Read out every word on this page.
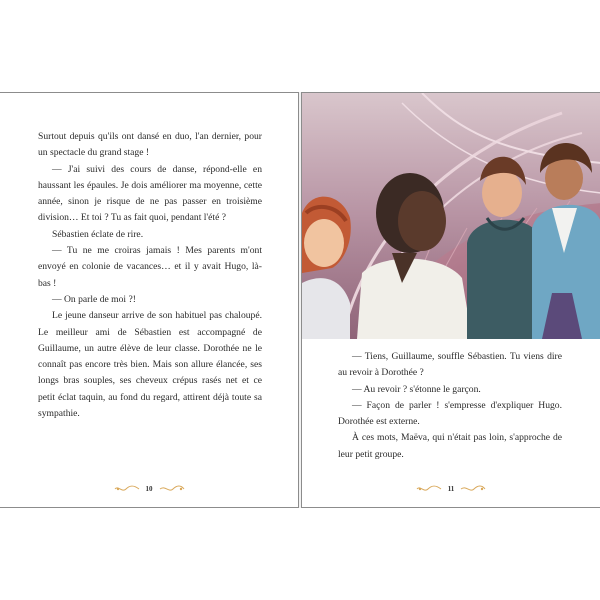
Surtout depuis qu'ils ont dansé en duo, l'an dernier, pour un spectacle du grand stage !

— J'ai suivi des cours de danse, répond-elle en haussant les épaules. Je dois améliorer ma moyenne, cette année, sinon je risque de ne pas passer en troisième division… Et toi ? Tu as fait quoi, pendant l'été ?

Sébastien éclate de rire.

— Tu ne me croiras jamais ! Mes parents m'ont envoyé en colonie de vacances… et il y avait Hugo, là-bas !

— On parle de moi ?!

Le jeune danseur arrive de son habituel pas chaloupé. Le meilleur ami de Sébastien est accompagné de Guillaume, un autre élève de leur classe. Dorothée ne le connaît pas encore très bien. Mais son allure élancée, ses longs bras souples, ses cheveux crépus rasés net et ce petit éclat taquin, au fond du regard, attirent déjà toute sa sympathie.

10

— Tiens, Guillaume, souffle Sébastien. Tu viens dire au revoir à Dorothée ?

— Au revoir ? s'étonne le garçon.

— Façon de parler ! s'empresse d'expliquer Hugo. Dorothée est externe.

À ces mots, Maëva, qui n'était pas loin, s'approche de leur petit groupe.

11
